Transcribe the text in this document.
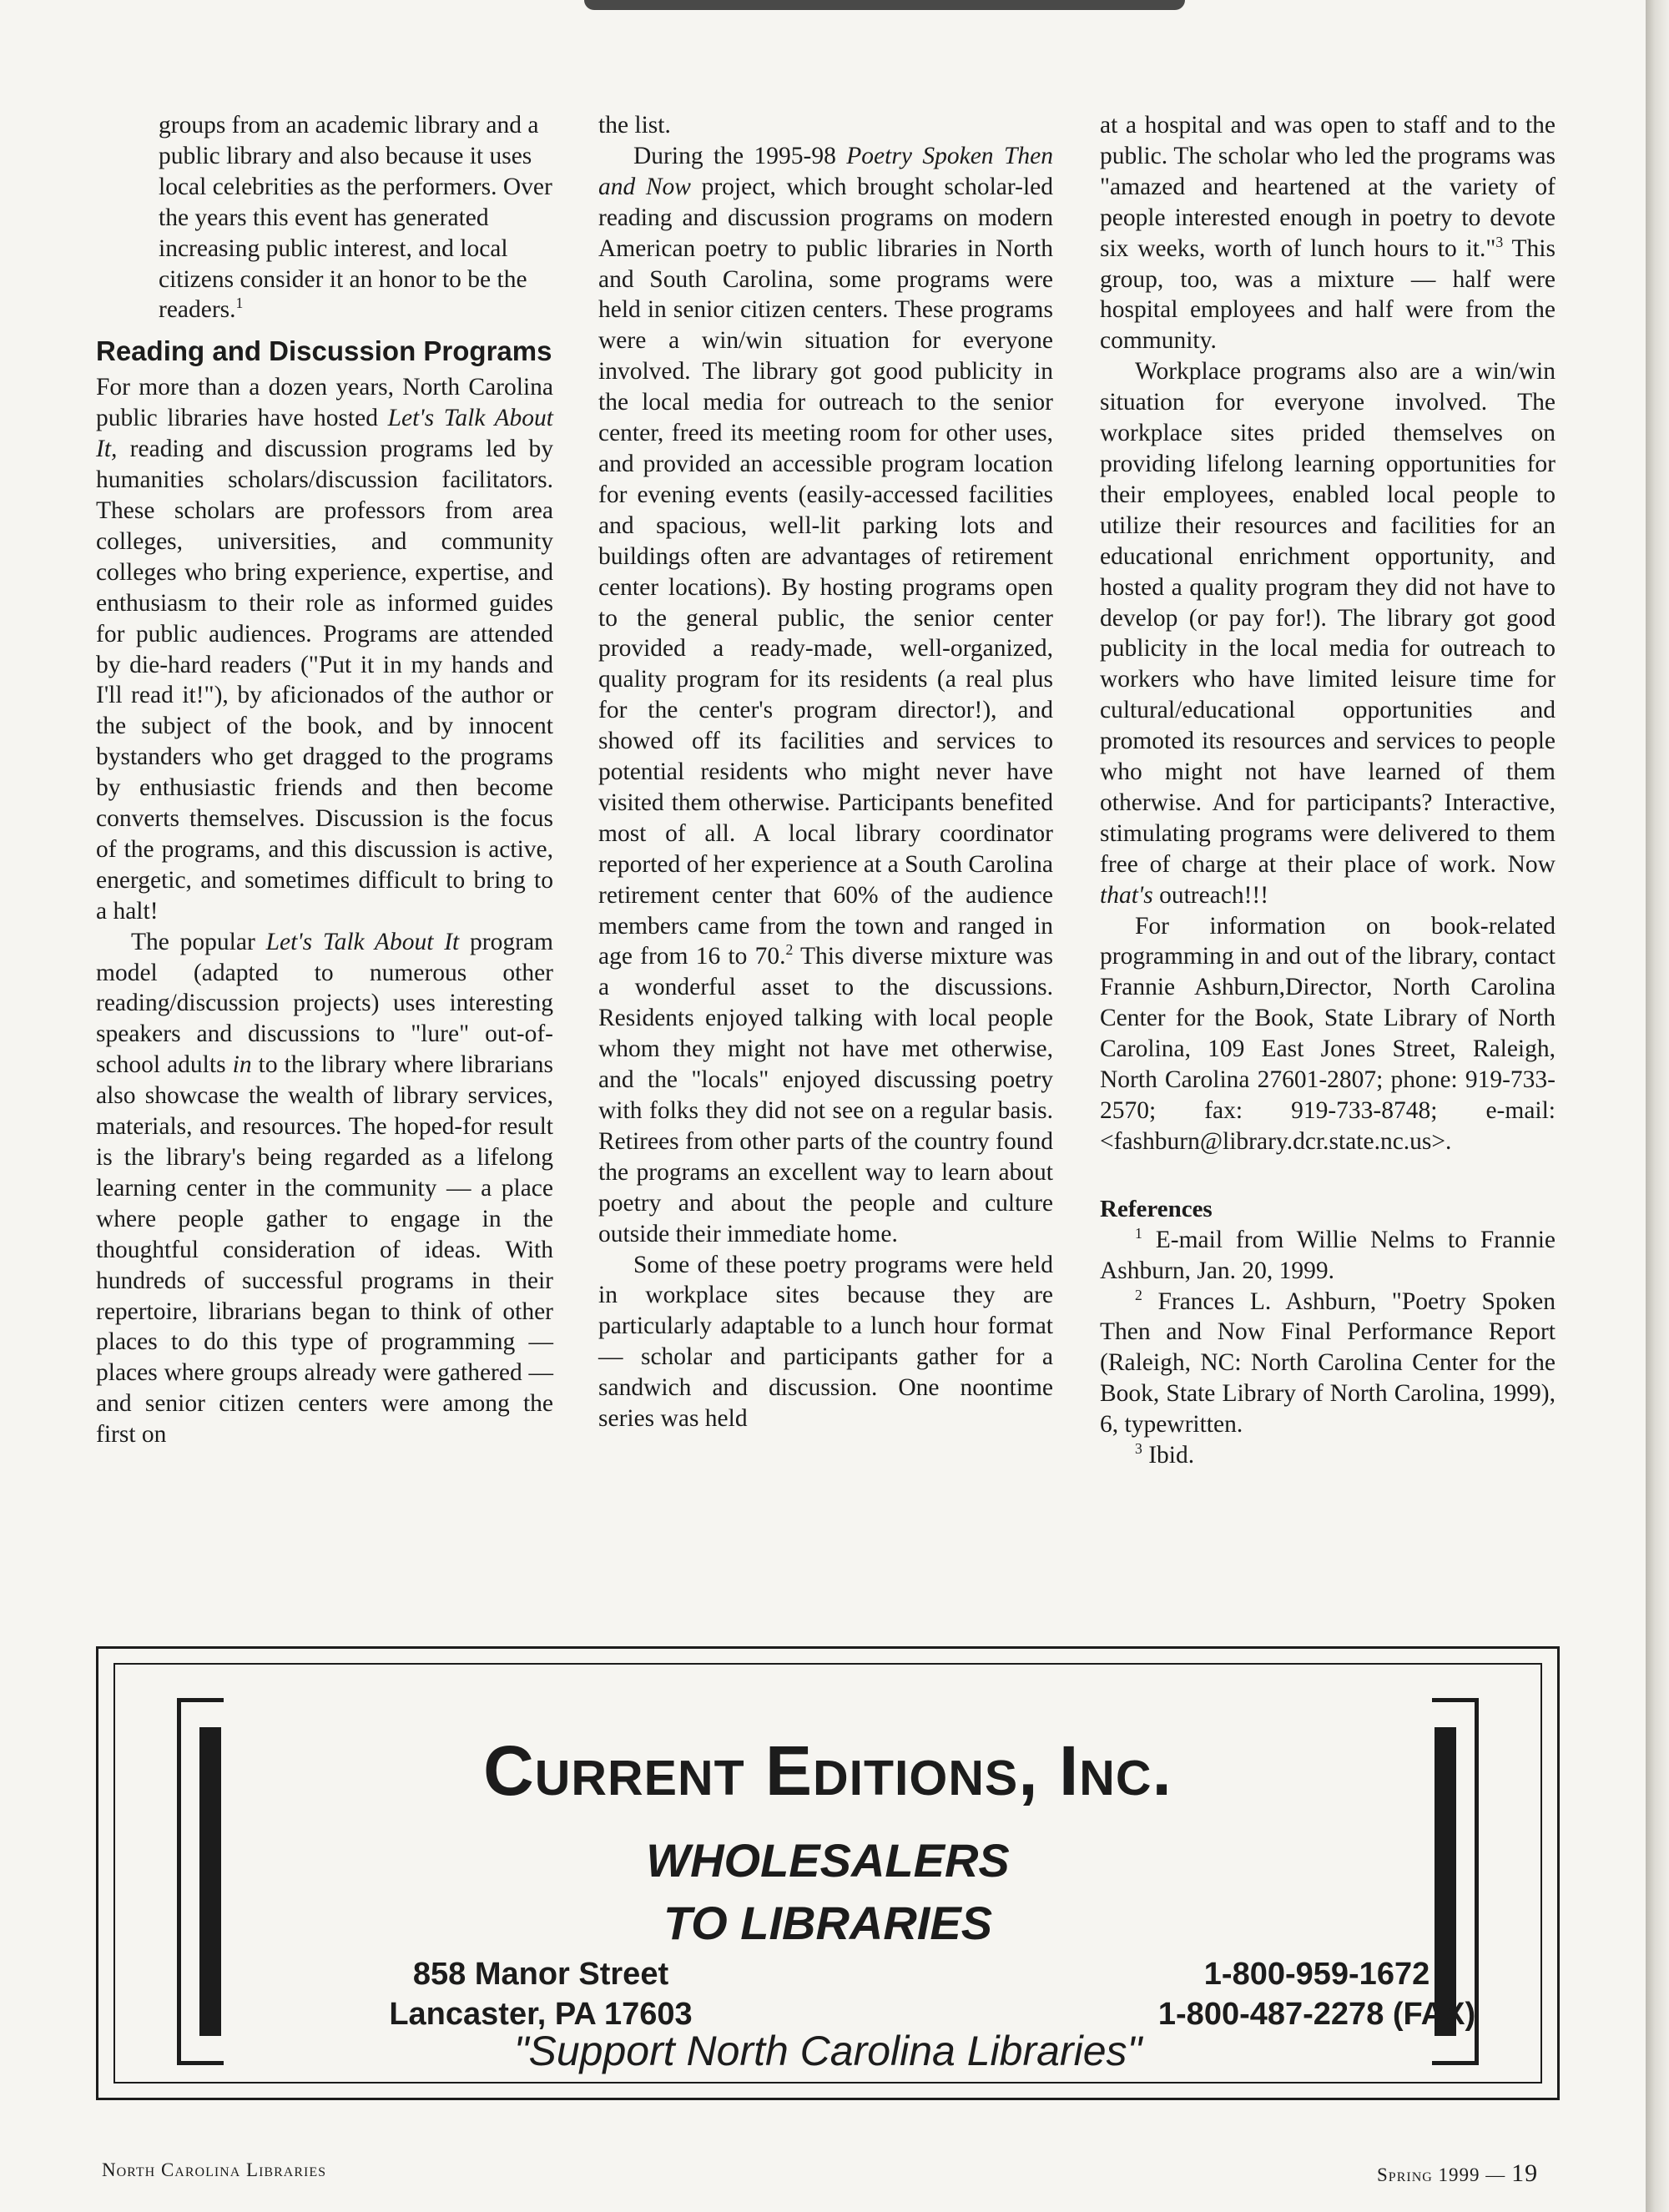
groups from an academic library and a public library and also because it uses local celebrities as the performers. Over the years this event has generated increasing public interest, and local citizens consider it an honor to be the readers.$^1$

Reading and Discussion Programs

For more than a dozen years, North Carolina public libraries have hosted Let's Talk About It, reading and discussion programs led by humanities scholars/discussion facilitators. These scholars are professors from area colleges, universities, and community colleges who bring experience, expertise, and enthusiasm to their role as informed guides for public audiences. Programs are attended by die-hard readers ("Put it in my hands and I'll read it!"), by aficionados of the author or the subject of the book, and by innocent bystanders who get dragged to the programs by enthusiastic friends and then become converts themselves. Discussion is the focus of the programs, and this discussion is active, energetic, and sometimes difficult to bring to a halt!

The popular Let's Talk About It program model (adapted to numerous other reading/discussion projects) uses interesting speakers and discussions to "lure" out-of-school adults in to the library where librarians also showcase the wealth of library services, materials, and resources. The hoped-for result is the library's being regarded as a lifelong learning center in the community — a place where people gather to engage in the thoughtful consideration of ideas. With hundreds of successful programs in their repertoire, librarians began to think of other places to do this type of programming — places where groups already were gathered — and senior citizen centers were among the first on

the list.

During the 1995-98 Poetry Spoken Then and Now project, which brought scholar-led reading and discussion programs on modern American poetry to public libraries in North and South Carolina, some programs were held in senior citizen centers. These programs were a win/win situation for everyone involved. The library got good publicity in the local media for outreach to the senior center, freed its meeting room for other uses, and provided an accessible program location for evening events (easily-accessed facilities and spacious, well-lit parking lots and buildings often are advantages of retirement center locations). By hosting programs open to the general public, the senior center provided a ready-made, well-organized, quality program for its residents (a real plus for the center's program director!), and showed off its facilities and services to potential residents who might never have visited them otherwise. Participants benefited most of all. A local library coordinator reported of her experience at a South Carolina retirement center that 60% of the audience members came from the town and ranged in age from 16 to 70.$^2$ This diverse mixture was a wonderful asset to the discussions. Residents enjoyed talking with local people whom they might not have met otherwise, and the "locals" enjoyed discussing poetry with folks they did not see on a regular basis. Retirees from other parts of the country found the programs an excellent way to learn about poetry and about the people and culture outside their immediate home.

Some of these poetry programs were held in workplace sites because they are particularly adaptable to a lunch hour format — scholar and participants gather for a sandwich and discussion. One noontime series was held

at a hospital and was open to staff and to the public. The scholar who led the programs was "amazed and heartened at the variety of people interested enough in poetry to devote six weeks, worth of lunch hours to it."$^3$ This group, too, was a mixture — half were hospital employees and half were from the community.

Workplace programs also are a win/win situation for everyone involved. The workplace sites prided themselves on providing lifelong learning opportunities for their employees, enabled local people to utilize their resources and facilities for an educational enrichment opportunity, and hosted a quality program they did not have to develop (or pay for!). The library got good publicity in the local media for outreach to workers who have limited leisure time for cultural/educational opportunities and promoted its resources and services to people who might not have learned of them otherwise. And for participants? Interactive, stimulating programs were delivered to them free of charge at their place of work. Now that's outreach!!!

For information on book-related programming in and out of the library, contact Frannie Ashburn,Director, North Carolina Center for the Book, State Library of North Carolina, 109 East Jones Street, Raleigh, North Carolina 27601-2807; phone: 919-733-2570; fax: 919-733-8748; e-mail: <fashburn@library.dcr.state.nc.us>.

References

$^1$ E-mail from Willie Nelms to Frannie Ashburn, Jan. 20, 1999.

$^2$ Frances L. Ashburn, "Poetry Spoken Then and Now Final Performance Report (Raleigh, NC: North Carolina Center for the Book, State Library of North Carolina, 1999), 6, typewritten.

$^3$ Ibid.

Current Editions, Inc.
WHOLESALERS
TO LIBRARIES
858 Manor Street
Lancaster, PA 17603
1-800-959-1672
1-800-487-2278 (FAX)
"Support North Carolina Libraries"
North Carolina Libraries	Spring 1999 — 19
